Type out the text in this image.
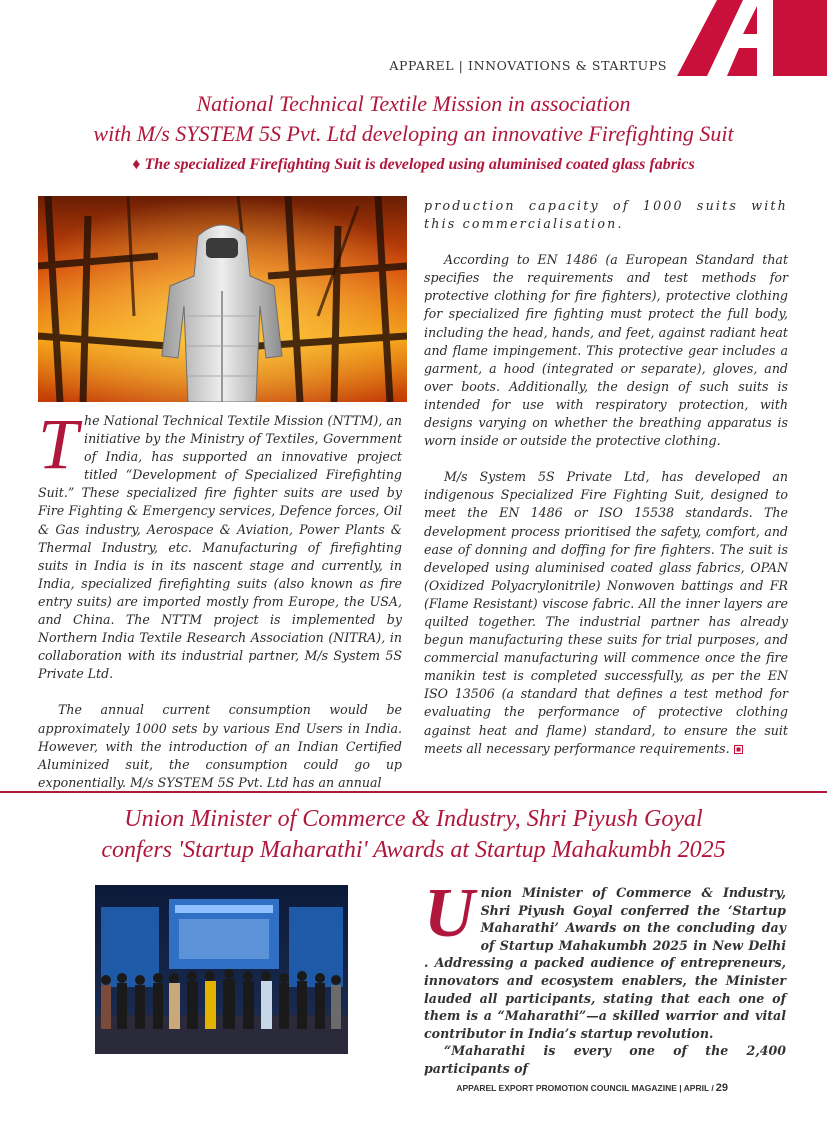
APPAREL | INNOVATIONS & STARTUPS
National Technical Textile Mission in association
with M/s SYSTEM 5S Pvt. Ltd developing an innovative Firefighting Suit
♦ The specialized Firefighting Suit is developed using aluminised coated glass fabrics

The National Technical Textile Mission (NTTM), an initiative by the Ministry of Textiles, Government of India, has supported an innovative project titled “Development of Specialized Firefighting Suit.” These specialized fire fighter suits are used by Fire Fighting & Emergency services, Defence forces, Oil & Gas industry, Aerospace & Aviation, Power Plants & Thermal Industry, etc. Manufacturing of firefighting suits in India is in its nascent stage and currently, in India, specialized firefighting suits (also known as fire entry suits) are imported mostly from Europe, the USA, and China. The NTTM project is implemented by Northern India Textile Research Association (NITRA), in collaboration with its industrial partner, M/s System 5S Private Ltd.

The annual current consumption would be approximately 1000 sets by various End Users in India. However, with the introduction of an Indian Certified Aluminized suit, the consumption could go up exponentially. M/s SYSTEM 5S Pvt. Ltd has an annual

production capacity of 1000 suits with this commercialisation.

According to EN 1486 (a European Standard that specifies the requirements and test methods for protective clothing for fire fighters), protective clothing for specialized fire fighting must protect the full body, including the head, hands, and feet, against radiant heat and flame impingement. This protective gear includes a garment, a hood (integrated or separate), gloves, and over boots. Additionally, the design of such suits is intended for use with respiratory protection, with designs varying on whether the breathing apparatus is worn inside or outside the protective clothing.

M/s System 5S Private Ltd, has developed an indigenous Specialized Fire Fighting Suit, designed to meet the EN 1486 or ISO 15538 standards. The development process prioritised the safety, comfort, and ease of donning and doffing for fire fighters. The suit is developed using aluminised coated glass fabrics, OPAN (Oxidized Polyacrylonitrile) Nonwoven battings and FR (Flame Resistant) viscose fabric. All the inner layers are quilted together. The industrial partner has already begun manufacturing these suits for trial purposes, and commercial manufacturing will commence once the fire manikin test is completed successfully, as per the EN ISO 13506 (a standard that defines a test method for evaluating the performance of protective clothing against heat and flame) standard, to ensure the suit meets all necessary performance requirements.

Union Minister of Commerce & Industry, Shri Piyush Goyal
confers 'Startup Maharathi' Awards at Startup Mahakumbh 2025

Union Minister of Commerce & Industry, Shri Piyush Goyal conferred the ‘Startup Maharathi’ Awards on the concluding day of Startup Mahakumbh 2025 in New Delhi . Addressing a packed audience of entrepreneurs, innovators and ecosystem enablers, the Minister lauded all participants, stating that each one of them is a “Maharathi”—a skilled warrior and vital contributor in India’s startup revolution.

“Maharathi is every one of the 2,400 participants of

APPAREL EXPORT PROMOTION COUNCIL MAGAZINE | APRIL / 29
